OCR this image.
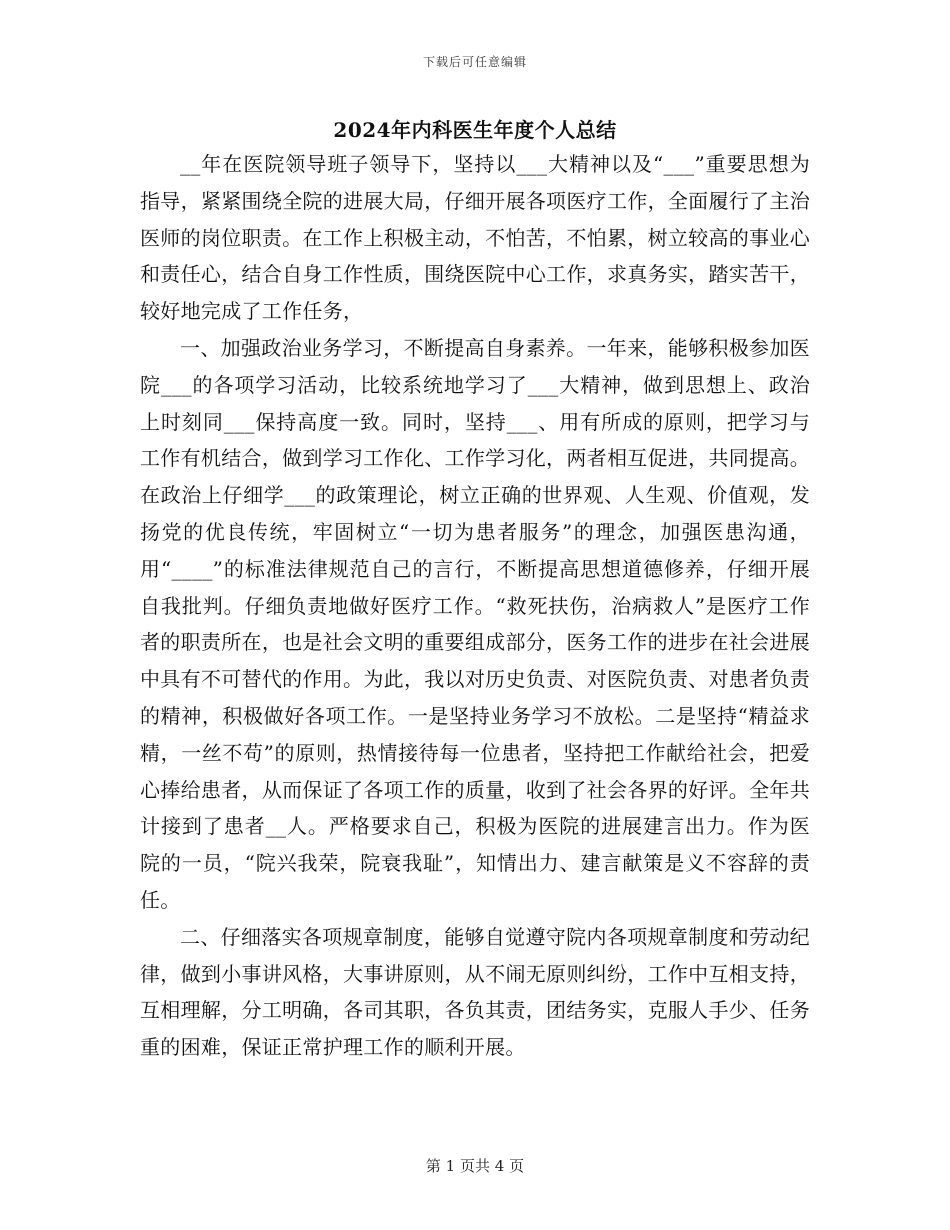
下载后可任意编辑
2024年内科医生年度个人总结

__年在医院领导班子领导下，坚持以___大精神以及“___”重要思想为指导，紧紧围绕全院的进展大局，仔细开展各项医疗工作，全面履行了主治医师的岗位职责。在工作上积极主动，不怕苦，不怕累，树立较高的事业心和责任心，结合自身工作性质，围绕医院中心工作，求真务实，踏实苦干，较好地完成了工作任务，

一、加强政治业务学习，不断提高自身素养。一年来，能够积极参加医院___的各项学习活动，比较系统地学习了___大精神，做到思想上、政治上时刻同___保持高度一致。同时，坚持___、用有所成的原则，把学习与工作有机结合，做到学习工作化、工作学习化，两者相互促进，共同提高。在政治上仔细学___的政策理论，树立正确的世界观、人生观、价值观，发扬党的优良传统，牢固树立“一切为患者服务”的理念，加强医患沟通，用“____”的标准法律规范自己的言行，不断提高思想道德修养，仔细开展自我批判。仔细负责地做好医疗工作。“救死扶伤，治病救人”是医疗工作者的职责所在，也是社会文明的重要组成部分，医务工作的进步在社会进展中具有不可替代的作用。为此，我以对历史负责、对医院负责、对患者负责的精神，积极做好各项工作。一是坚持业务学习不放松。二是坚持“精益求精，一丝不苟”的原则，热情接待每一位患者，坚持把工作献给社会，把爱心捧给患者，从而保证了各项工作的质量，收到了社会各界的好评。全年共计接到了患者__人。严格要求自己，积极为医院的进展建言出力。作为医院的一员，“院兴我荣，院衰我耻”，知情出力、建言献策是义不容辞的责任。

二、仔细落实各项规章制度，能够自觉遵守院内各项规章制度和劳动纪律，做到小事讲风格，大事讲原则，从不闹无原则纠纷，工作中互相支持，互相理解，分工明确，各司其职，各负其责，团结务实，克服人手少、任务重的困难，保证正常护理工作的顺利开展。

第 1 页共 4 页
